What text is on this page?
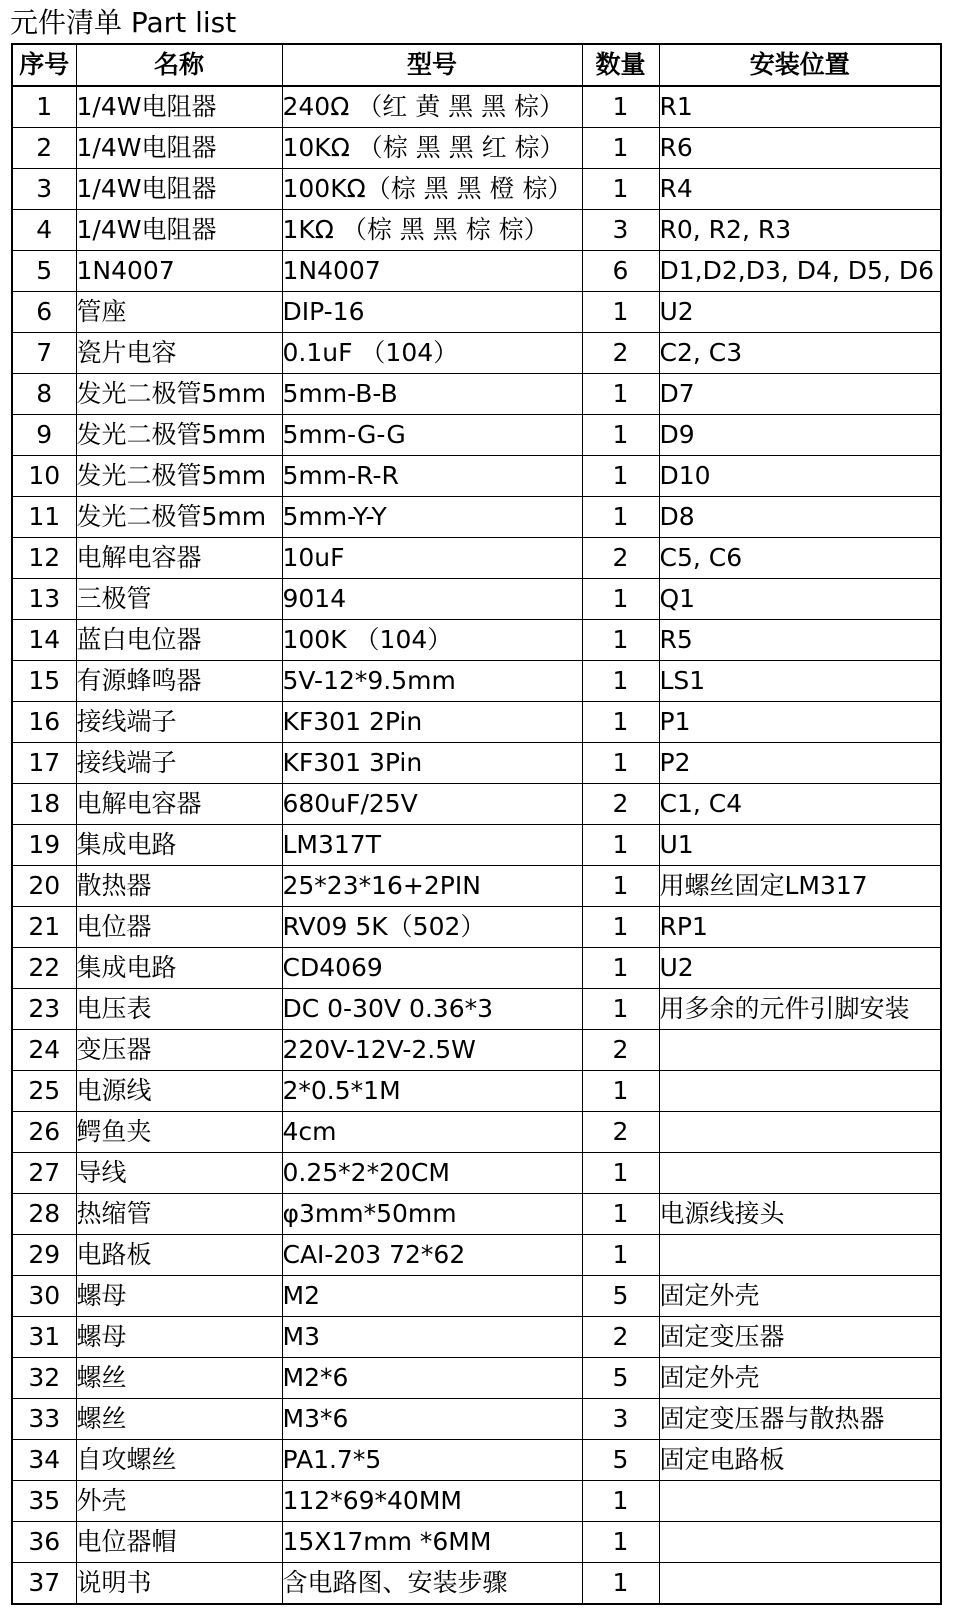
元件清单 Part list
序号	名称	型号	数量	安装位置
1	1/4W电阻器	240Ω （红 黄 黑 黑 棕）	1	R1
2	1/4W电阻器	10KΩ （棕 黑 黑 红 棕）	1	R6
3	1/4W电阻器	100KΩ（棕 黑 黑 橙 棕）	1	R4
4	1/4W电阻器	1KΩ （棕 黑 黑 棕 棕）	3	R0, R2, R3
5	1N4007	1N4007	6	D1,D2,D3, D4, D5, D6
6	管座	DIP-16	1	U2
7	瓷片电容	0.1uF （104）	2	C2, C3
8	发光二极管5mm	5mm-B-B	1	D7
9	发光二极管5mm	5mm-G-G	1	D9
10	发光二极管5mm	5mm-R-R	1	D10
11	发光二极管5mm	5mm-Y-Y	1	D8
12	电解电容器	10uF	2	C5, C6
13	三极管	9014	1	Q1
14	蓝白电位器	100K （104）	1	R5
15	有源蜂鸣器	5V-12*9.5mm	1	LS1
16	接线端子	KF301 2Pin	1	P1
17	接线端子	KF301 3Pin	1	P2
18	电解电容器	680uF/25V	2	C1, C4
19	集成电路	LM317T	1	U1
20	散热器	25*23*16+2PIN	1	用螺丝固定LM317
21	电位器	RV09 5K（502）	1	RP1
22	集成电路	CD4069	1	U2
23	电压表	DC 0-30V 0.36*3	1	用多余的元件引脚安装
24	变压器	220V-12V-2.5W	2	
25	电源线	2*0.5*1M	1	
26	鳄鱼夹	4cm	2	
27	导线	0.25*2*20CM	1	
28	热缩管	φ3mm*50mm	1	电源线接头
29	电路板	CAI-203 72*62	1	
30	螺母	M2	5	固定外壳
31	螺母	M3	2	固定变压器
32	螺丝	M2*6	5	固定外壳
33	螺丝	M3*6	3	固定变压器与散热器
34	自攻螺丝	PA1.7*5	5	固定电路板
35	外壳	112*69*40MM	1	
36	电位器帽	15X17mm *6MM	1	
37	说明书	含电路图、安装步骤	1	
